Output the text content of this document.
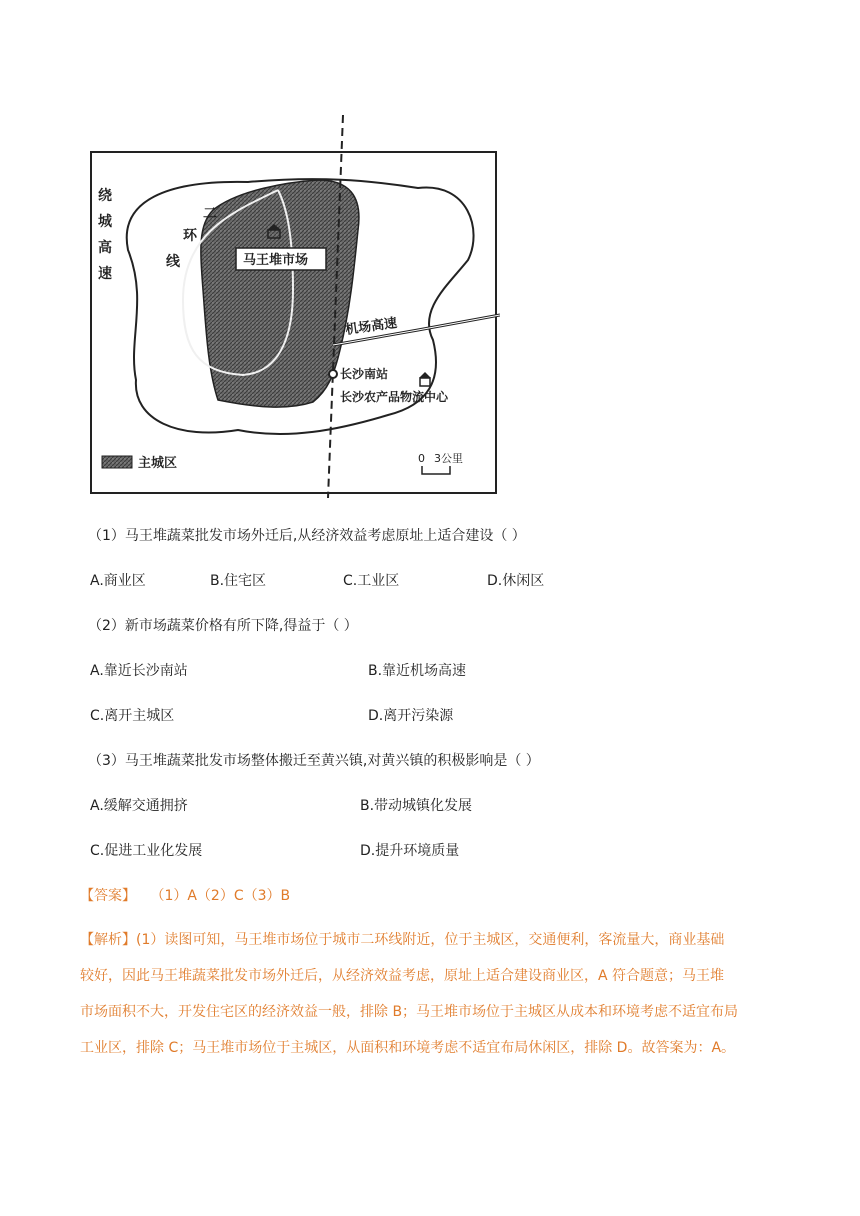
绕
城
高
速
二
环
线	马王堆市场
机场高速
长沙南站
长沙农产品物流中心
主城区	0 3公里
（1）马王堆蔬菜批发市场外迁后,从经济效益考虑原址上适合建设（ ）
A.商业区	B.住宅区	C.工业区	D.休闲区
（2）新市场蔬菜价格有所下降,得益于（ ）
A.靠近长沙南站	B.靠近机场高速
C.离开主城区	D.离开污染源
（3）马王堆蔬菜批发市场整体搬迁至黄兴镇,对黄兴镇的积极影响是（ ）
A.缓解交通拥挤	B.带动城镇化发展
C.促进工业化发展	D.提升环境质量
【答案】 （1）A（2）C（3）B
【解析】(1）读图可知，马王堆市场位于城市二环线附近，位于主城区，交通便利，客流量大，商业基础
较好，因此马王堆蔬菜批发市场外迁后，从经济效益考虑，原址上适合建设商业区，A 符合题意；马王堆
市场面积不大，开发住宅区的经济效益一般，排除 B；马王堆市场位于主城区从成本和环境考虑不适宜布局
工业区，排除 C；马王堆市场位于主城区，从面积和环境考虑不适宜布局休闲区，排除 D。故答案为：A。
